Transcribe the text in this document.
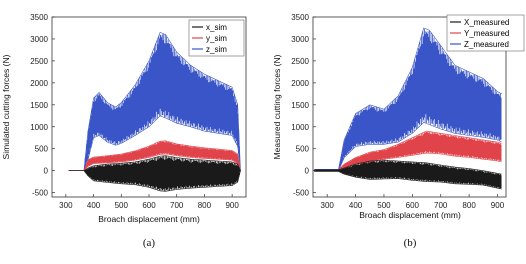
300 400 500 600 700 800 900
-500
0
500
1000
1500
2000
2500
3000
3500
x_sim
y_sim
z_sim
Broach displacement (mm)
Simulated cutting forces (N)
(a)
300 400 500 600 700 800 900
-500
0
500
1000
1500
2000
2500
3000
3500
X_measured
Y_measured
Z_measured
Broach displacement (mm)
Measured cutting forces (N)
(b)
